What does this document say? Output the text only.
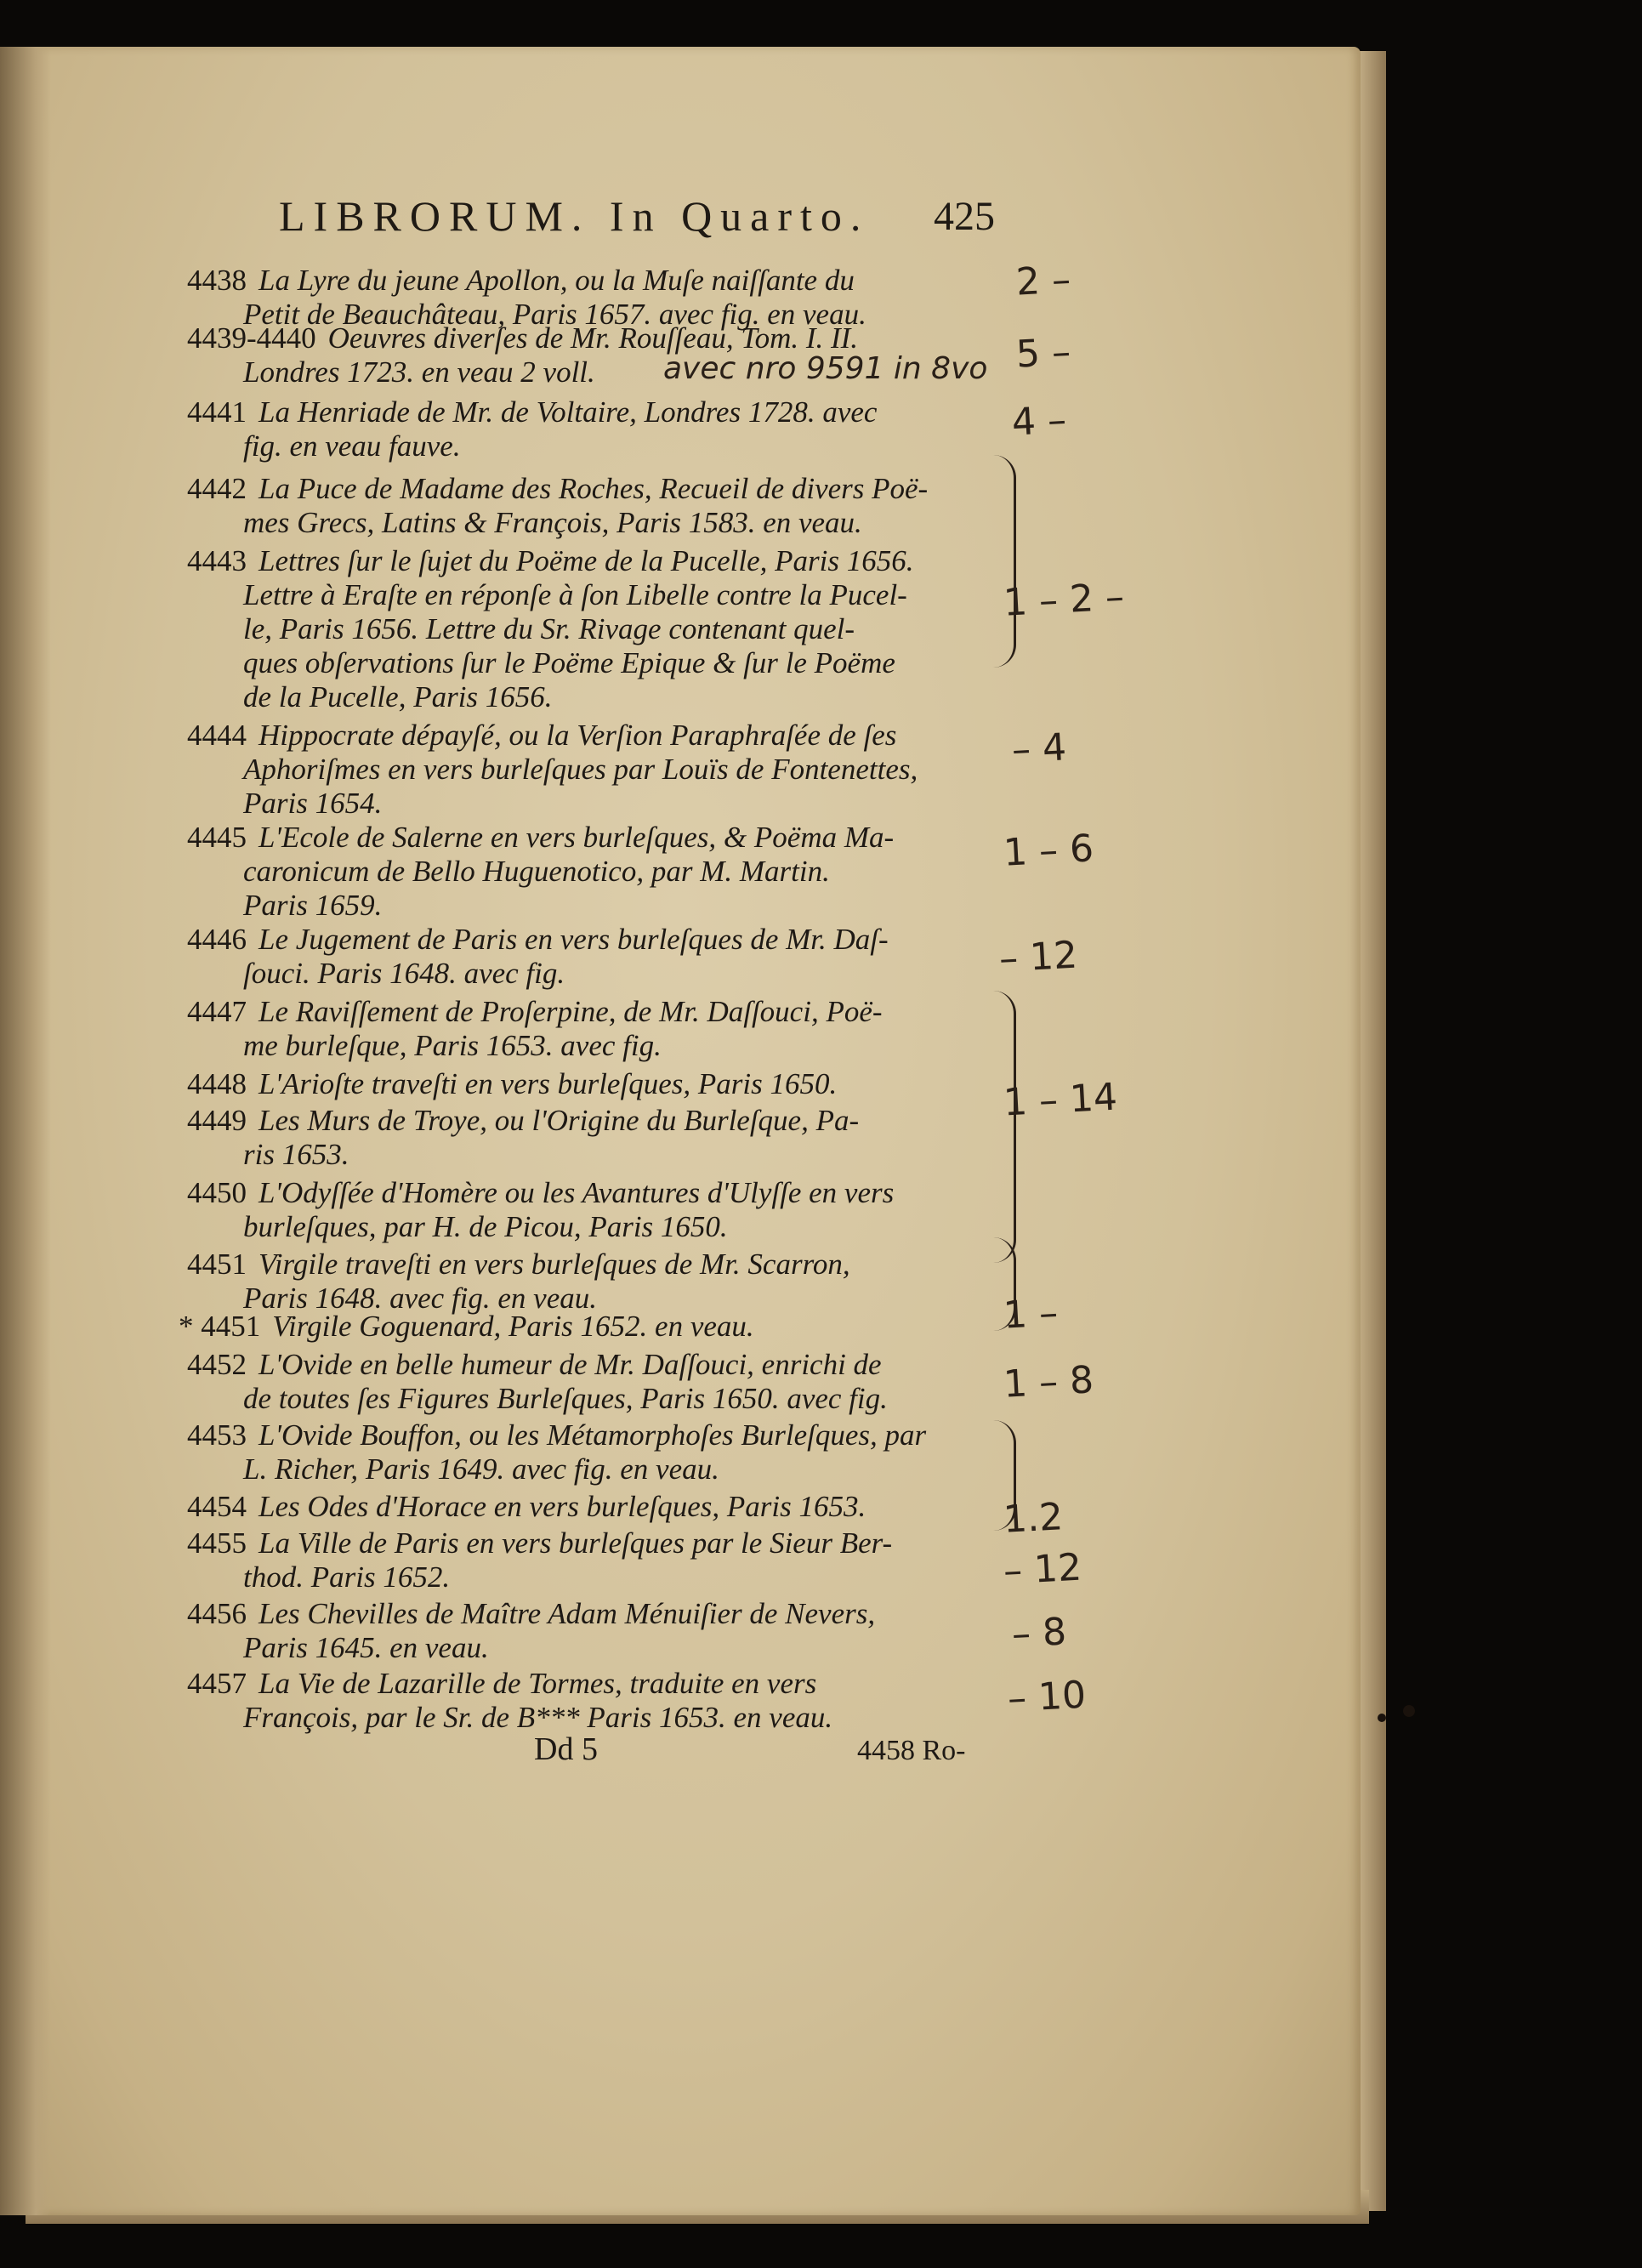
LIBRORUM. In Quarto. 425
4438 La Lyre du jeune Apollon, ou la Muſe naiſſante du
Petit de Beauchâteau, Paris 1657. avec fig. en veau.
4439-4440 Oeuvres diverſes de Mr. Rouſſeau, Tom. I. II.
Londres 1723. en veau 2 voll.	avec nro 9591 in 8vo
4441 La Henriade de Mr. de Voltaire, Londres 1728. avec
fig. en veau fauve.
4442 La Puce de Madame des Roches, Recueil de divers Poë-
mes Grecs, Latins & François, Paris 1583. en veau.
4443 Lettres ſur le ſujet du Poëme de la Pucelle, Paris 1656.
Lettre à Eraſte en réponſe à ſon Libelle contre la Pucel-
le, Paris 1656. Lettre du Sr. Rivage contenant quel-
ques obſervations ſur le Poëme Epique & ſur le Poëme
de la Pucelle, Paris 1656.
4444 Hippocrate dépayſé, ou la Verſion Paraphraſée de ſes
Aphoriſmes en vers burleſques par Louïs de Fontenettes,
Paris 1654.
4445 L'Ecole de Salerne en vers burleſques, & Poëma Ma-
caronicum de Bello Huguenotico, par M. Martin.
Paris 1659.
4446 Le Jugement de Paris en vers burleſques de Mr. Daſ-
ſouci. Paris 1648. avec fig.
4447 Le Raviſſement de Proſerpine, de Mr. Daſſouci, Poë-
me burleſque, Paris 1653. avec fig.
4448 L'Arioſte traveſti en vers burleſques, Paris 1650.
4449 Les Murs de Troye, ou l'Origine du Burleſque, Pa-
ris 1653.
4450 L'Odyſſée d'Homère ou les Avantures d'Ulyſſe en vers
burleſques, par H. de Picou, Paris 1650.
4451 Virgile traveſti en vers burleſques de Mr. Scarron,
Paris 1648. avec fig. en veau.
* 4451 Virgile Goguenard, Paris 1652. en veau.
4452 L'Ovide en belle humeur de Mr. Daſſouci, enrichi de
de toutes ſes Figures Burleſques, Paris 1650. avec fig.
4453 L'Ovide Bouffon, ou les Métamorphoſes Burleſques, par
L. Richer, Paris 1649. avec fig. en veau.
4454 Les Odes d'Horace en vers burleſques, Paris 1653.
4455 La Ville de Paris en vers burleſques par le Sieur Ber-
thod. Paris 1652.
4456 Les Chevilles de Maître Adam Ménuiſier de Nevers,
Paris 1645. en veau.
4457 La Vie de Lazarille de Tormes, traduite en vers
François, par le Sr. de B*** Paris 1653. en veau.
2 –
5 –
4 –
1 – 2 –
– 4
1 – 6
– 12
1 – 14
1 –
1 – 8
1.2
– 12
– 8
– 10
Dd 5	4458 Ro-
